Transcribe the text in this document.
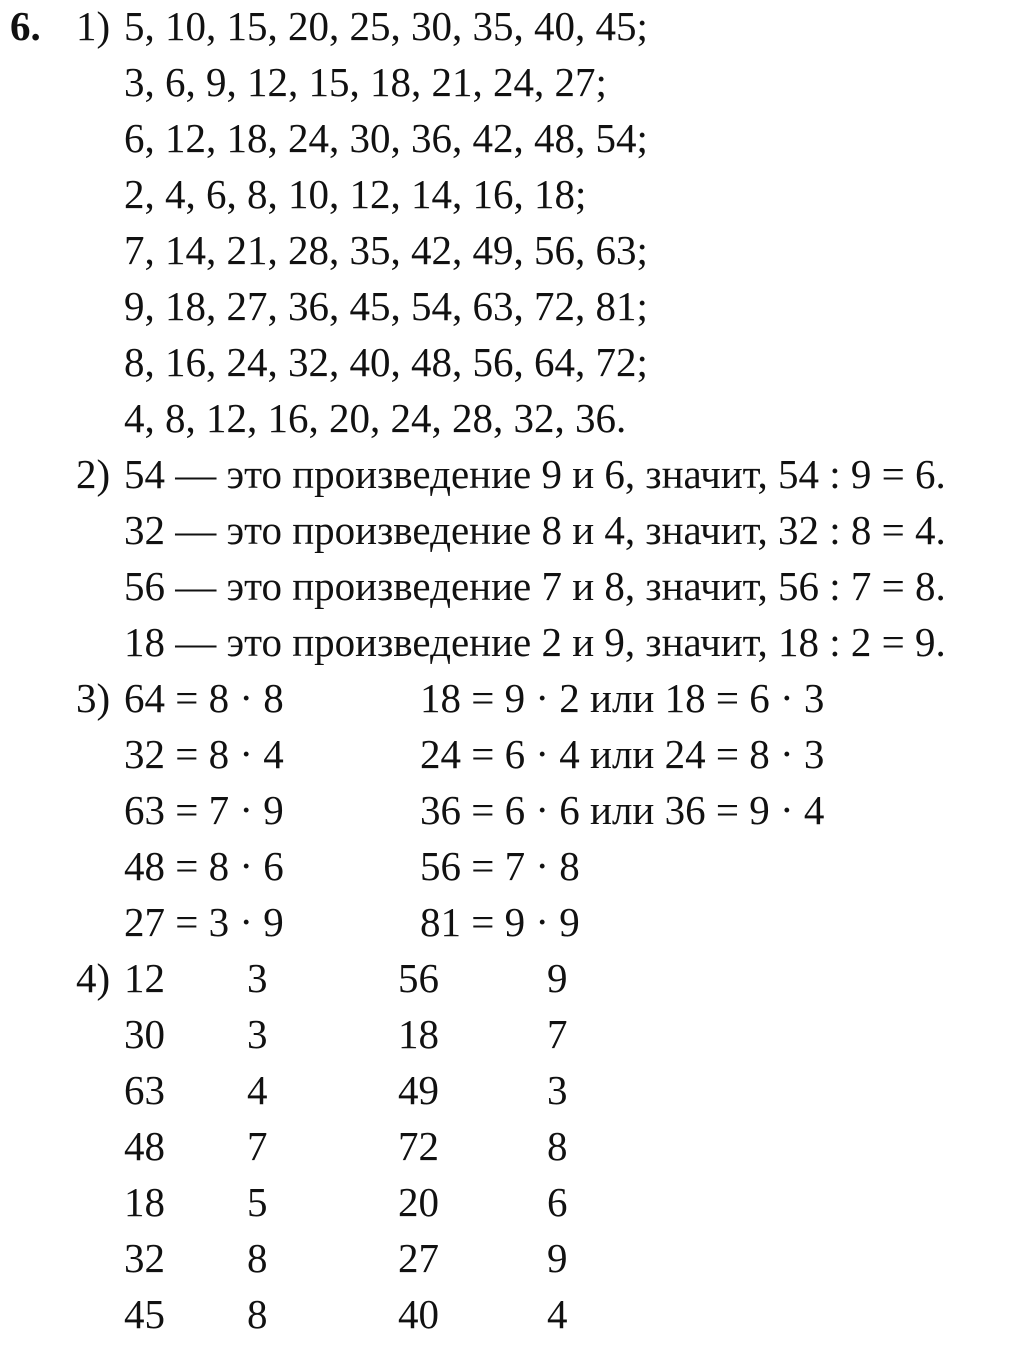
6. 1) 5, 10, 15, 20, 25, 30, 35, 40, 45;
3, 6, 9, 12, 15, 18, 21, 24, 27;
6, 12, 18, 24, 30, 36, 42, 48, 54;
2, 4, 6, 8, 10, 12, 14, 16, 18;
7, 14, 21, 28, 35, 42, 49, 56, 63;
9, 18, 27, 36, 45, 54, 63, 72, 81;
8, 16, 24, 32, 40, 48, 56, 64, 72;
4, 8, 12, 16, 20, 24, 28, 32, 36.
2) 54 — это произведение 9 и 6, значит, 54 : 9 = 6.
32 — это произведение 8 и 4, значит, 32 : 8 = 4.
56 — это произведение 7 и 8, значит, 56 : 7 = 8.
18 — это произведение 2 и 9, значит, 18 : 2 = 9.
3) 64 = 8 · 8	18 = 9 · 2 или 18 = 6 · 3
32 = 8 · 4	24 = 6 · 4 или 24 = 8 · 3
63 = 7 · 9	36 = 6 · 6 или 36 = 9 · 4
48 = 8 · 6	56 = 7 · 8
27 = 3 · 9	81 = 9 · 9
4) 12 3	56	9
30 3	18	7
63 4	49	3
48 7	72	8
18 5	20	6
32 8	27	9
45 8	40	4
